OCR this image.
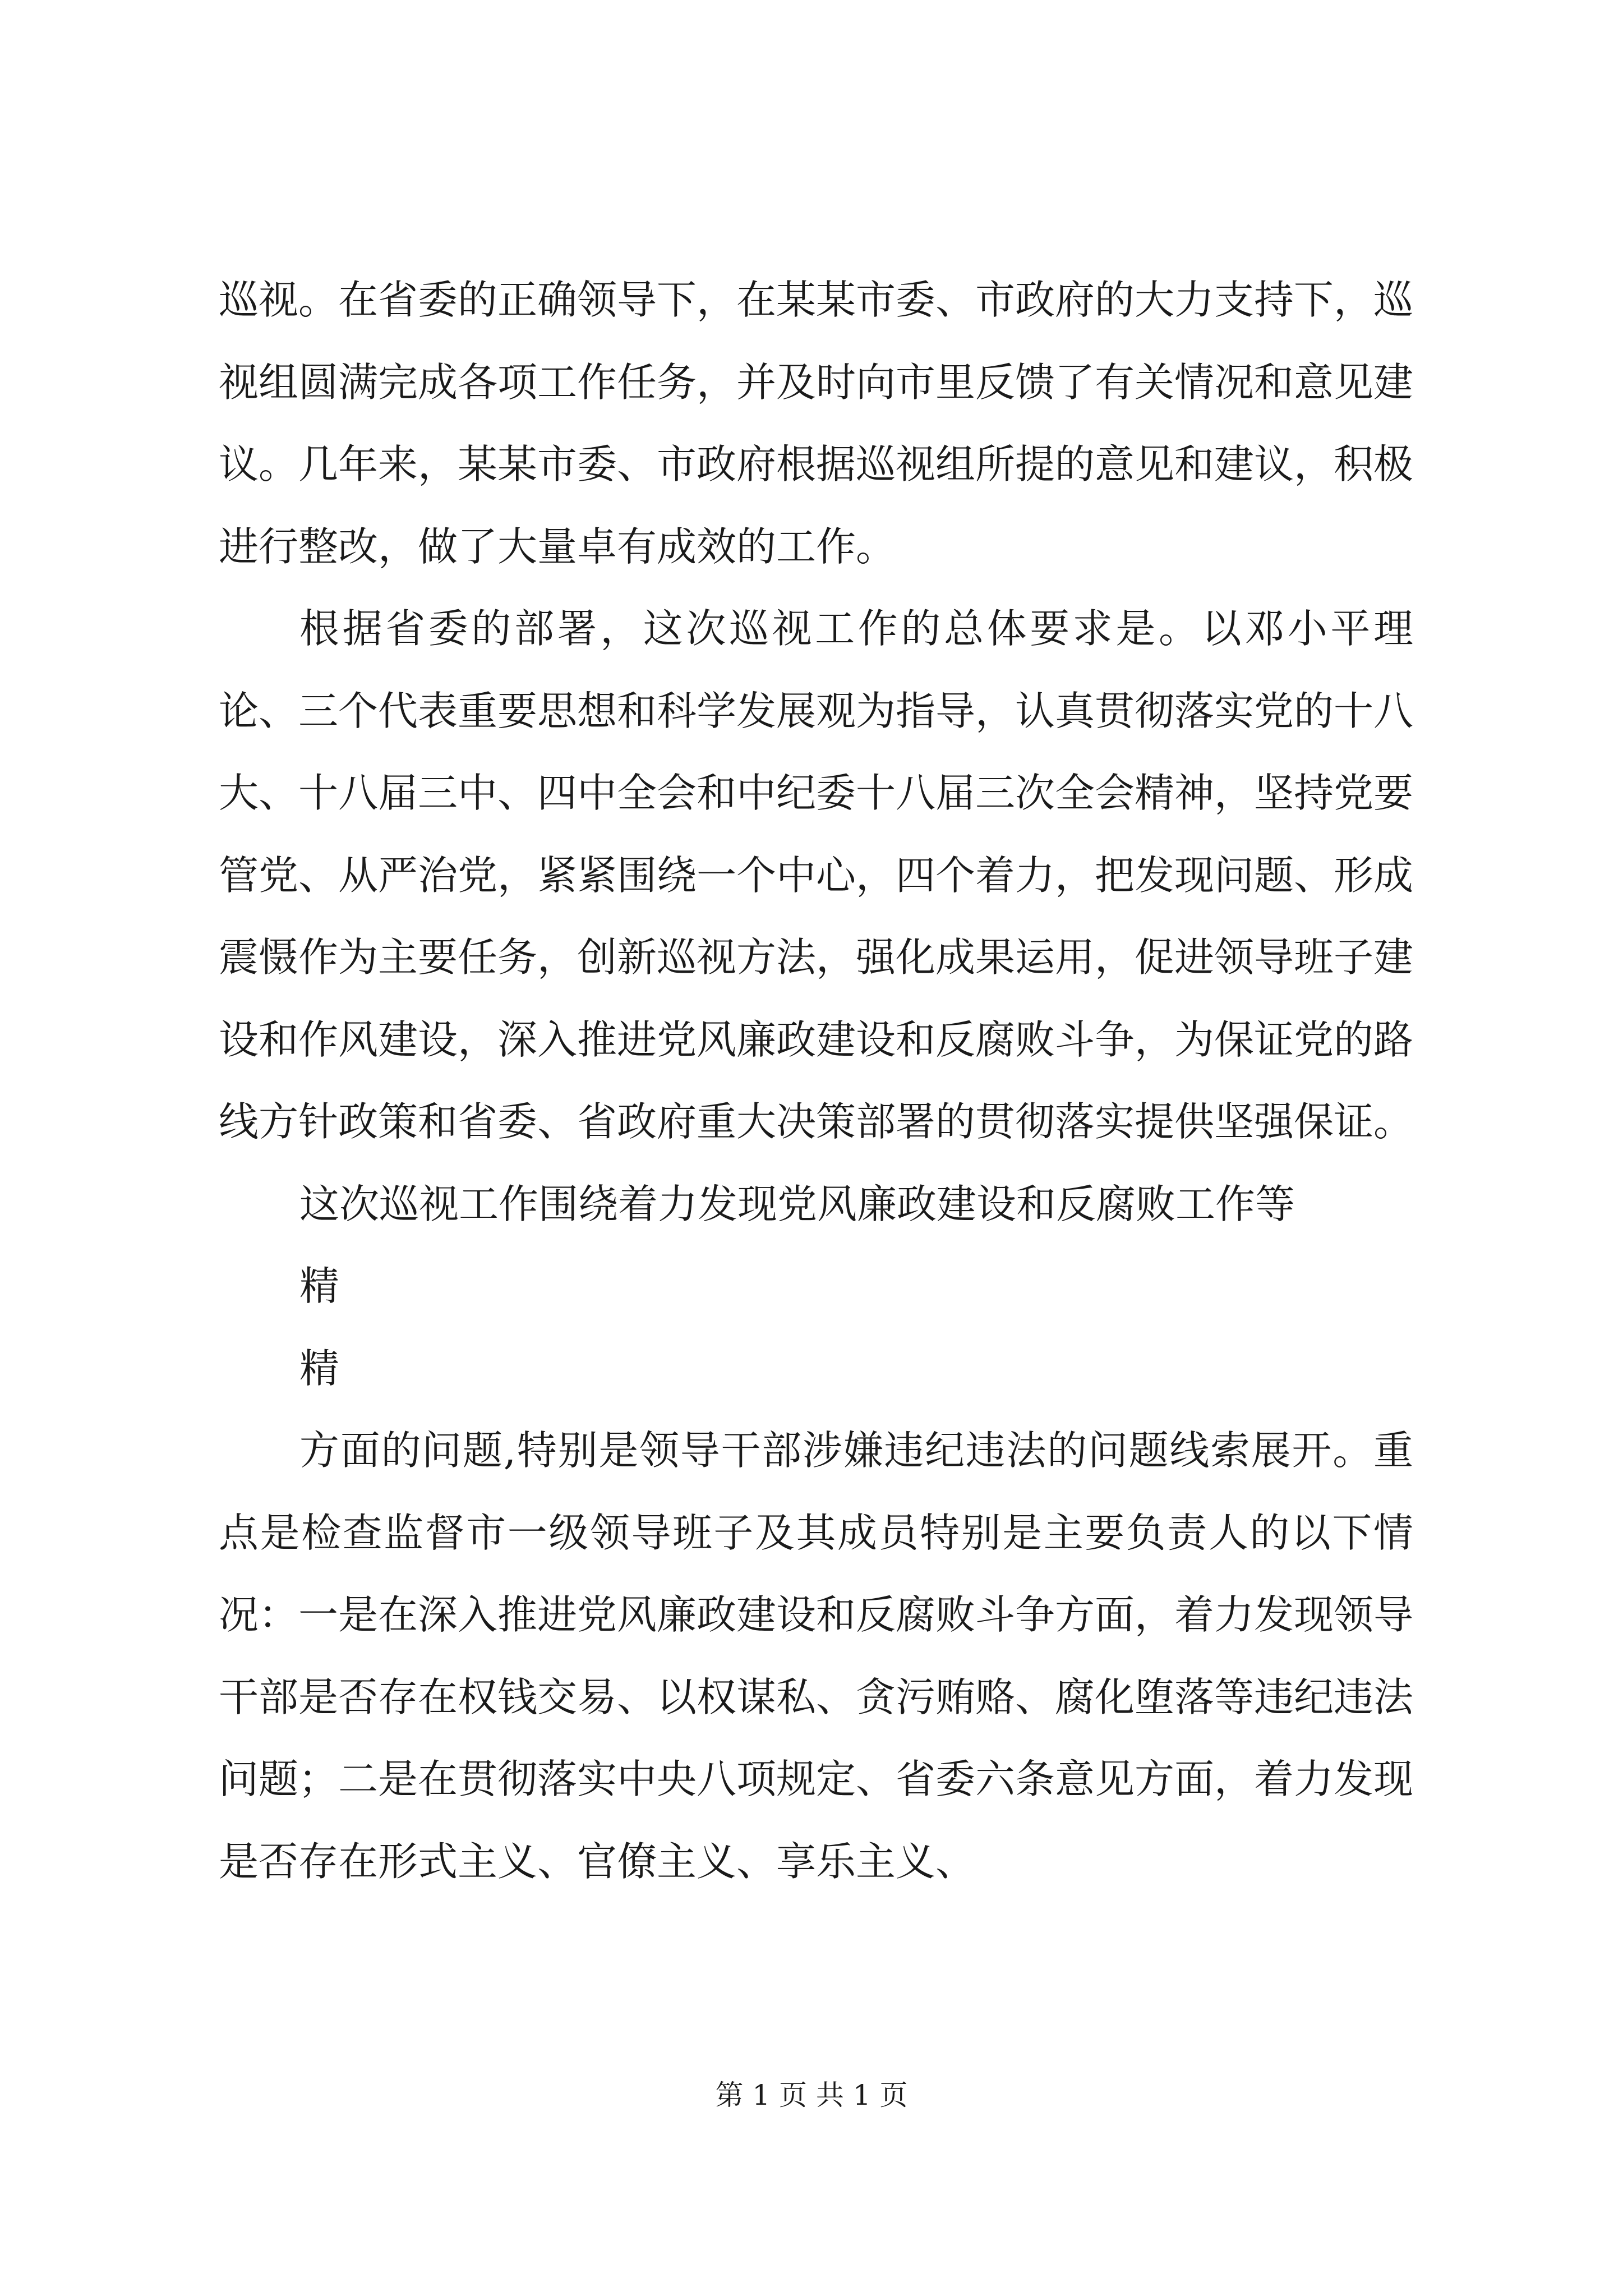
巡视。在省委的正确领导下，在某某市委、市政府的大力支持下，巡视组圆满完成各项工作任务，并及时向市里反馈了有关情况和意见建议。几年来，某某市委、市政府根据巡视组所提的意见和建议，积极进行整改，做了大量卓有成效的工作。

根据省委的部署，这次巡视工作的总体要求是。以邓小平理论、三个代表重要思想和科学发展观为指导，认真贯彻落实党的十八大、十八届三中、四中全会和中纪委十八届三次全会精神，坚持党要管党、从严治党，紧紧围绕一个中心，四个着力，把发现问题、形成震慑作为主要任务，创新巡视方法，强化成果运用，促进领导班子建设和作风建设，深入推进党风廉政建设和反腐败斗争，为保证党的路线方针政策和省委、省政府重大决策部署的贯彻落实提供坚强保证。

这次巡视工作围绕着力发现党风廉政建设和反腐败工作等

精

精

方面的问题,特别是领导干部涉嫌违纪违法的问题线索展开。重点是检查监督市一级领导班子及其成员特别是主要负责人的以下情况：一是在深入推进党风廉政建设和反腐败斗争方面，着力发现领导干部是否存在权钱交易、以权谋私、贪污贿赂、腐化堕落等违纪违法问题；二是在贯彻落实中央八项规定、省委六条意见方面，着力发现是否存在形式主义、官僚主义、享乐主义、

第 1 页 共 1 页
